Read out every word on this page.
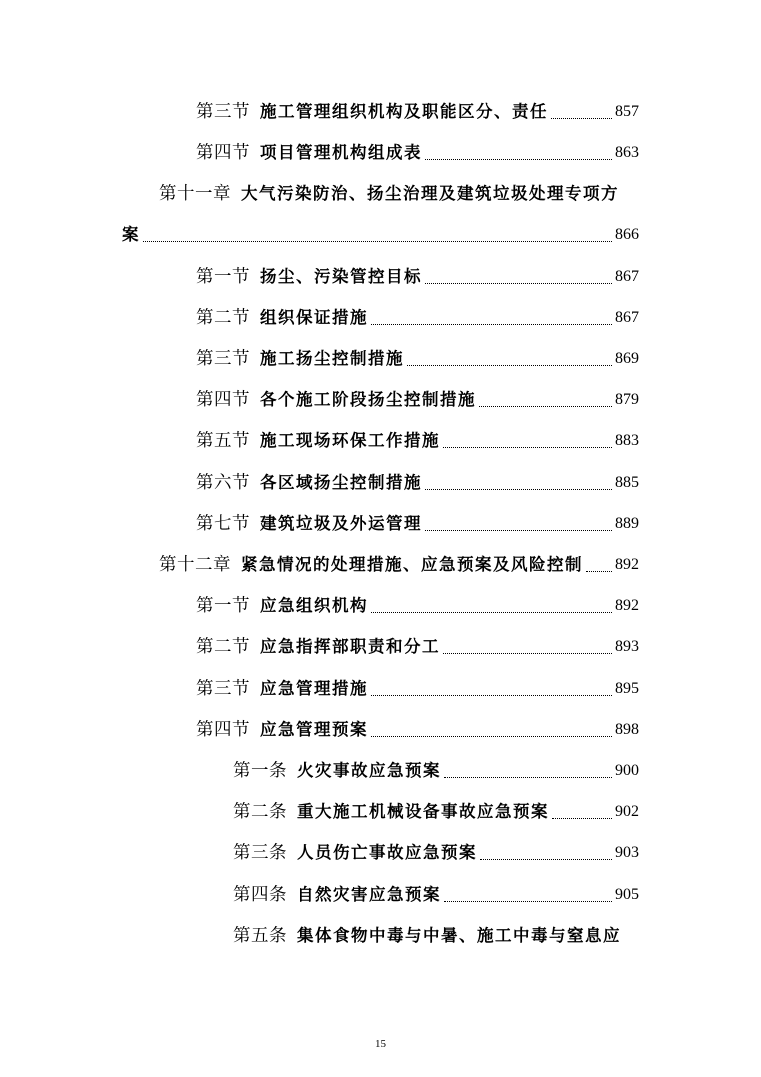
第三节 施工管理组织机构及职能区分、责任	857
第四节 项目管理机构组成表	863
第十一章 大气污染防治、扬尘治理及建筑垃圾处理专项方
案	866
第一节 扬尘、污染管控目标	867
第二节 组织保证措施	867
第三节 施工扬尘控制措施	869
第四节 各个施工阶段扬尘控制措施	879
第五节 施工现场环保工作措施	883
第六节 各区域扬尘控制措施	885
第七节 建筑垃圾及外运管理	889
第十二章 紧急情况的处理措施、应急预案及风险控制 892
第一节 应急组织机构	892
第二节 应急指挥部职责和分工	893
第三节 应急管理措施	895
第四节 应急管理预案	898
第一条 火灾事故应急预案	900
第二条 重大施工机械设备事故应急预案	902
第三条 人员伤亡事故应急预案	903
第四条 自然灾害应急预案	905
第五条 集体食物中毒与中暑、施工中毒与窒息应
15
